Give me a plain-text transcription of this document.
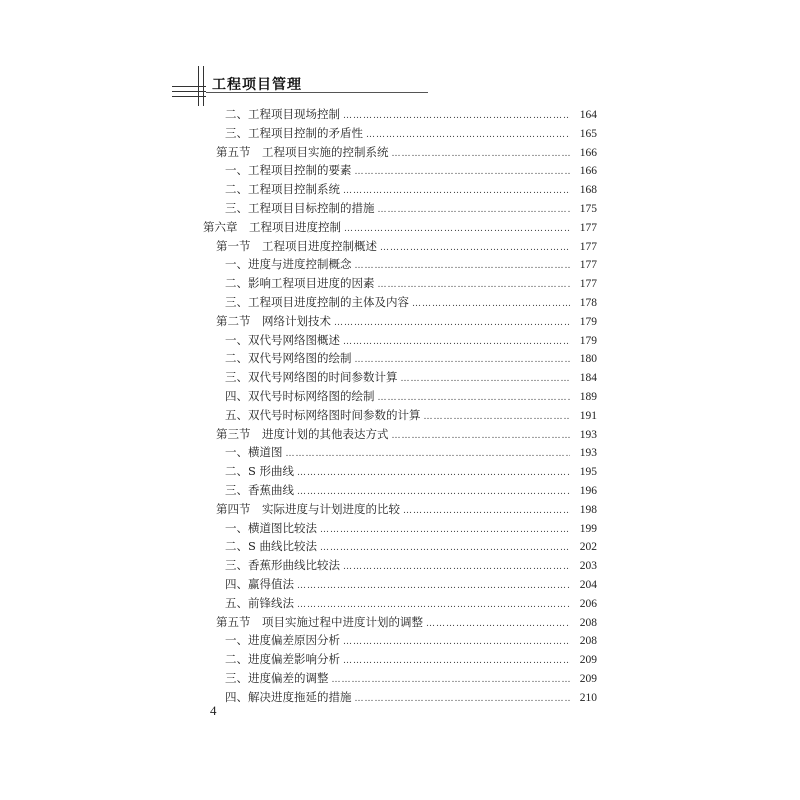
工程项目管理
二、工程项目现场控制 …………………………………………………………………………………………………………………………………………………………………………	164
三、工程项目控制的矛盾性 …………………………………………………………………………………………………………………………………………………………………………	165
第五节　工程项目实施的控制系统 …………………………………………………………………………………………………………………………………………………………………………	166
一、工程项目控制的要素 …………………………………………………………………………………………………………………………………………………………………………	166
二、工程项目控制系统 …………………………………………………………………………………………………………………………………………………………………………	168
三、工程项目目标控制的措施 …………………………………………………………………………………………………………………………………………………………………………	175
第六章　工程项目进度控制 …………………………………………………………………………………………………………………………………………………………………………	177
第一节　工程项目进度控制概述 …………………………………………………………………………………………………………………………………………………………………………	177
一、进度与进度控制概念 …………………………………………………………………………………………………………………………………………………………………………	177
二、影响工程项目进度的因素 …………………………………………………………………………………………………………………………………………………………………………	177
三、工程项目进度控制的主体及内容 …………………………………………………………………………………………………………………………………………………………………………	178
第二节　网络计划技术 …………………………………………………………………………………………………………………………………………………………………………	179
一、双代号网络图概述 …………………………………………………………………………………………………………………………………………………………………………	179
二、双代号网络图的绘制 …………………………………………………………………………………………………………………………………………………………………………	180
三、双代号网络图的时间参数计算 …………………………………………………………………………………………………………………………………………………………………………	184
四、双代号时标网络图的绘制 …………………………………………………………………………………………………………………………………………………………………………	189
五、双代号时标网络图时间参数的计算 …………………………………………………………………………………………………………………………………………………………………………	191
第三节　进度计划的其他表达方式 …………………………………………………………………………………………………………………………………………………………………………	193
一、横道图 …………………………………………………………………………………………………………………………………………………………………………	193
二、S 形曲线 …………………………………………………………………………………………………………………………………………………………………………	195
三、香蕉曲线 …………………………………………………………………………………………………………………………………………………………………………	196
第四节　实际进度与计划进度的比较 …………………………………………………………………………………………………………………………………………………………………………	198
一、横道图比较法 …………………………………………………………………………………………………………………………………………………………………………	199
二、S 曲线比较法 …………………………………………………………………………………………………………………………………………………………………………	202
三、香蕉形曲线比较法 …………………………………………………………………………………………………………………………………………………………………………	203
四、赢得值法 …………………………………………………………………………………………………………………………………………………………………………	204
五、前锋线法 …………………………………………………………………………………………………………………………………………………………………………	206
第五节　项目实施过程中进度计划的调整 …………………………………………………………………………………………………………………………………………………………………………	208
一、进度偏差原因分析 …………………………………………………………………………………………………………………………………………………………………………	208
二、进度偏差影响分析 …………………………………………………………………………………………………………………………………………………………………………	209
三、进度偏差的调整 …………………………………………………………………………………………………………………………………………………………………………	209
四、解决进度拖延的措施 …………………………………………………………………………………………………………………………………………………………………………	210
4
